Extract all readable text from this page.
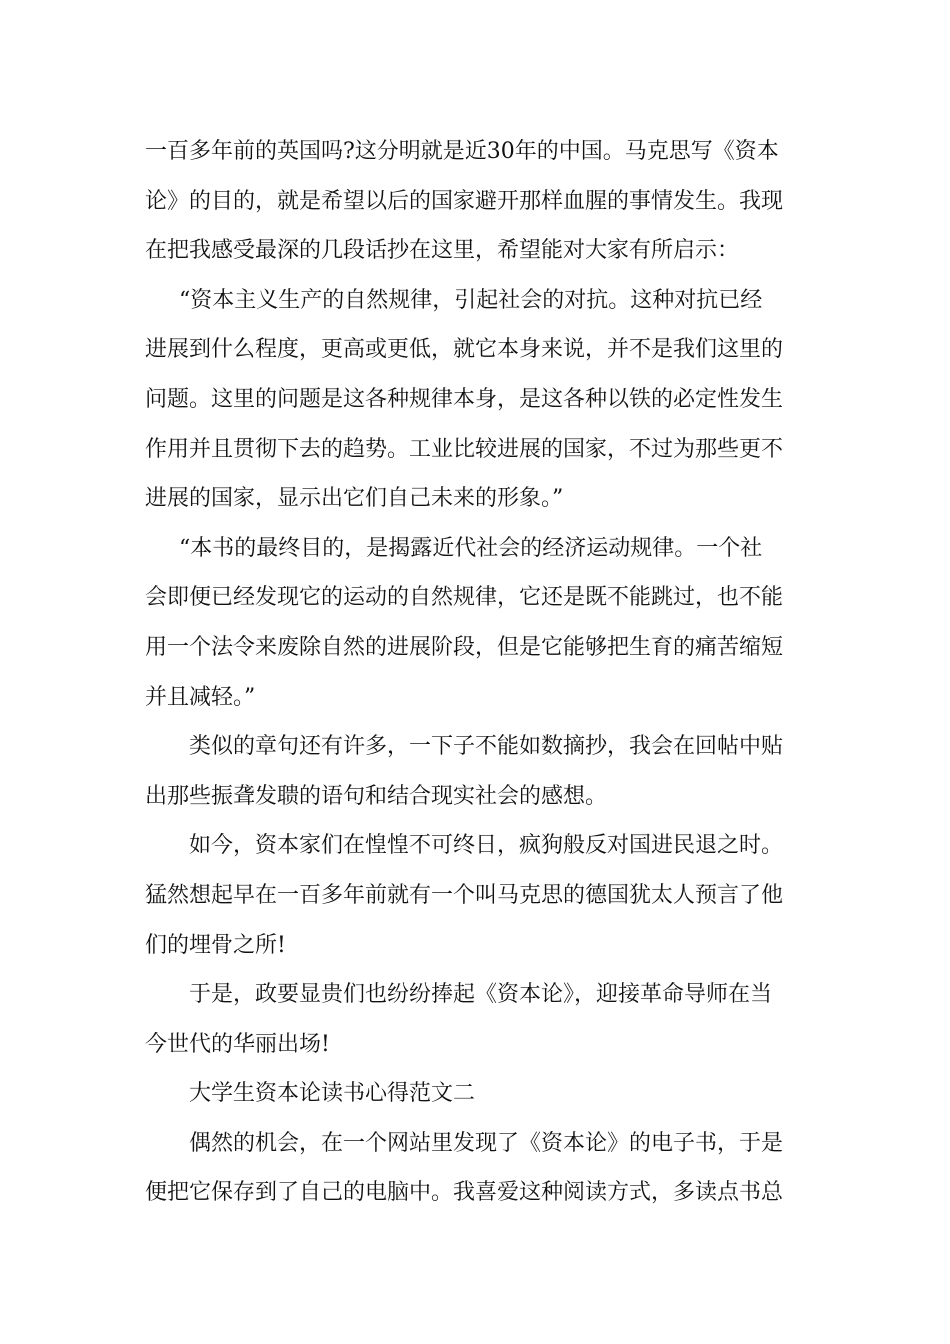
一百多年前的英国吗?这分明就是近30年的中国。马克思写《资本
论》的目的，就是希望以后的国家避开那样血腥的事情发生。我现
在把我感受最深的几段话抄在这里，希望能对大家有所启示：
“资本主义生产的自然规律，引起社会的对抗。这种对抗已经
进展到什么程度，更高或更低，就它本身来说，并不是我们这里的
问题。这里的问题是这各种规律本身，是这各种以铁的必定性发生
作用并且贯彻下去的趋势。工业比较进展的国家，不过为那些更不
进展的国家，显示出它们自己未来的形象。”
“本书的最终目的，是揭露近代社会的经济运动规律。一个社
会即便已经发现它的运动的自然规律，它还是既不能跳过，也不能
用一个法令来废除自然的进展阶段，但是它能够把生育的痛苦缩短
并且减轻。”
类似的章句还有许多，一下子不能如数摘抄，我会在回帖中贴
出那些振聋发聩的语句和结合现实社会的感想。
如今，资本家们在惶惶不可终日，疯狗般反对国进民退之时。
猛然想起早在一百多年前就有一个叫马克思的德国犹太人预言了他
们的埋骨之所!
于是，政要显贵们也纷纷捧起《资本论》，迎接革命导师在当
今世代的华丽出场!
大学生资本论读书心得范文二
偶然的机会，在一个网站里发现了《资本论》的电子书，于是
便把它保存到了自己的电脑中。我喜爱这种阅读方式，多读点书总
